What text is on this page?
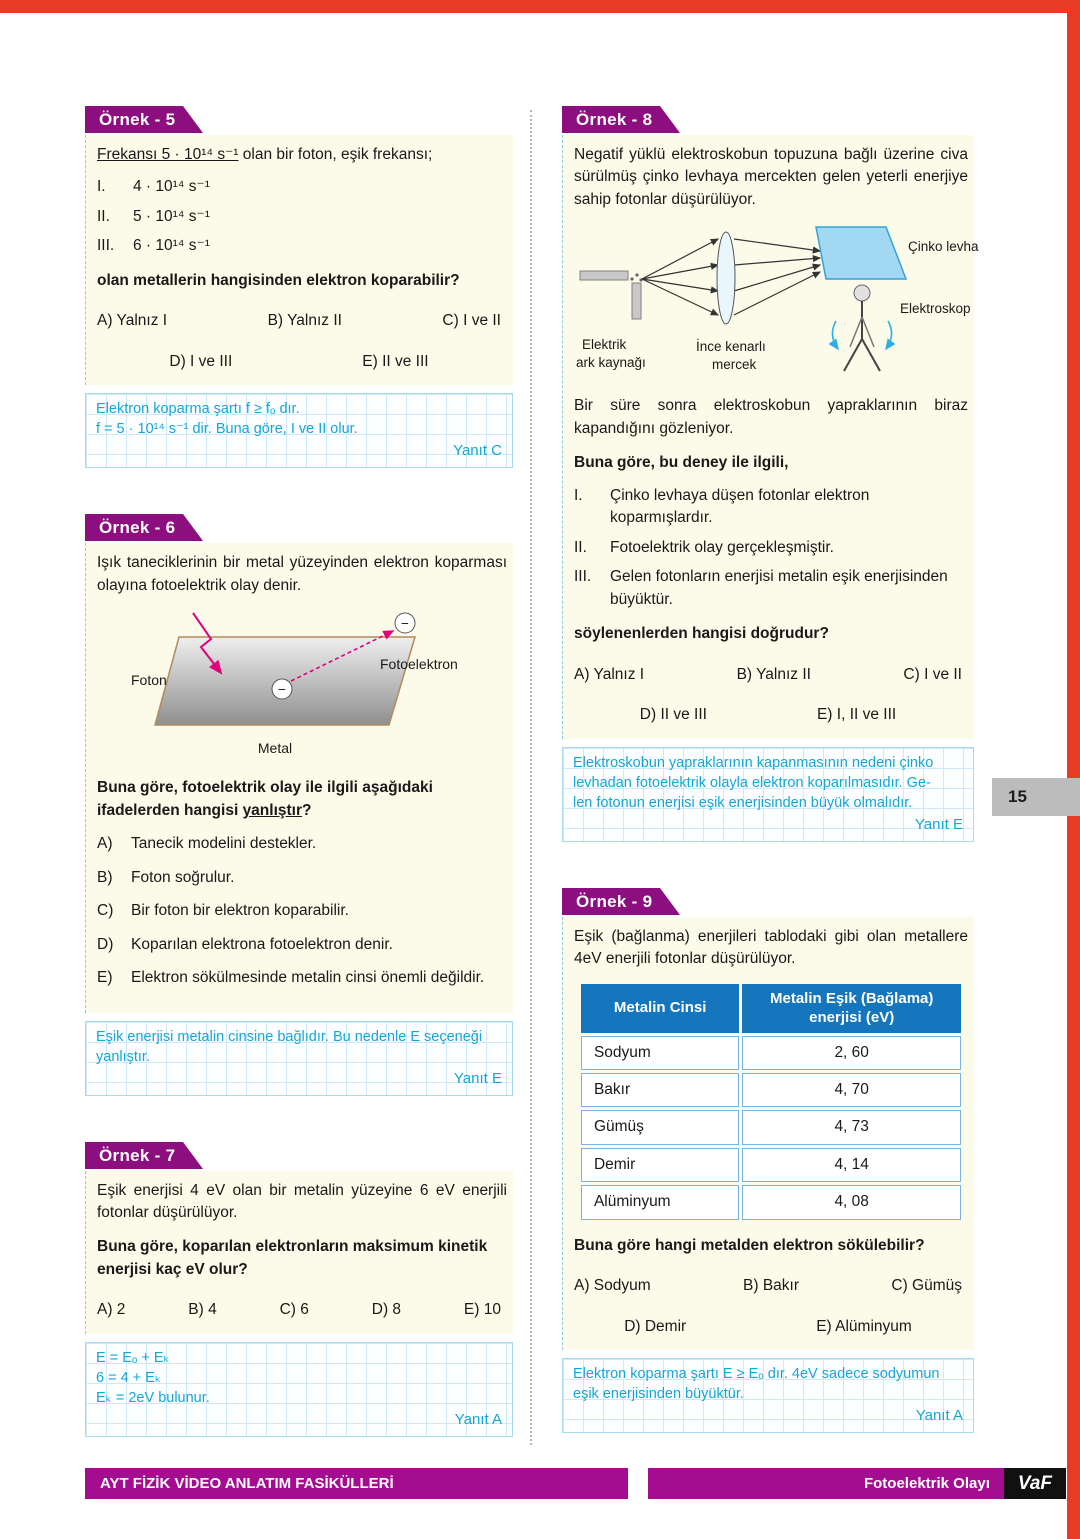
15
Örnek - 5

Frekansı 5 · 10¹⁴ s⁻¹ olan bir foton, eşik frekansı;

I.	4 · 10¹⁴ s⁻¹
II.	5 · 10¹⁴ s⁻¹
III.	6 · 10¹⁴ s⁻¹

olan metallerin hangisinden elektron koparabilir?

A) Yalnız I	B) Yalnız II	C) I ve II
D) I ve III	E) II ve III
Elektron koparma şartı f ≥ fₒ dır.
f = 5 · 10¹⁴ s⁻¹ dir. Buna göre, I ve II olur.
Yanıt C
Örnek - 6

Işık taneciklerinin bir metal yüzeyinden elektron koparması olayına fotoelektrik olay denir.

−
−
Foton
Fotoelektron
Metal

Buna göre, fotoelektrik olay ile ilgili aşağıdaki ifadelerden hangisi yanlıştır?

A)	Tanecik modelini destekler.
B)	Foton soğrulur.
C)	Bir foton bir elektron koparabilir.
D)	Koparılan elektrona fotoelektron denir.
E)	Elektron sökülmesinde metalin cinsi önemli değildir.
Eşik enerjisi metalin cinsine bağlıdır. Bu nedenle E seçeneği
yanlıştır.
Yanıt E
Örnek - 7

Eşik enerjisi 4 eV olan bir metalin yüzeyine 6 eV enerjili fotonlar düşürülüyor.

Buna göre, koparılan elektronların maksimum kinetik enerjisi kaç eV olur?

A) 2	B) 4	C) 6	D) 8	E) 10
E = Eₒ + Eₖ
6 = 4 + Eₖ
Eₖ = 2eV bulunur.
Yanıt A
Örnek - 8

Negatif yüklü elektroskobun topuzuna bağlı üzerine civa sürülmüş çinko levhaya mercekten gelen yeterli enerjiye sahip fotonlar düşürülüyor.

Elektrik
ark kaynağı
İnce kenarlı
mercek
Çinko levha
Elektroskop

Bir süre sonra elektroskobun yapraklarının biraz kapandığını gözleniyor.

Buna göre, bu deney ile ilgili,

I.	Çinko levhaya düşen fotonlar elektron koparmışlardır.
II.	Fotoelektrik olay gerçekleşmiştir.
III.	Gelen fotonların enerjisi metalin eşik enerjisinden büyüktür.

söylenenlerden hangisi doğrudur?

A) Yalnız I	B) Yalnız II	C) I ve II
D) II ve III	E) I, II ve III
Elektroskobun yapraklarının kapanmasının nedeni çinko
levhadan fotoelektrik olayla elektron koparılmasıdır. Ge-
len fotonun enerjisi eşik enerjisinden büyük olmalıdır.
Yanıt E
Örnek - 9

Eşik (bağlanma) enerjileri tablodaki gibi olan metallere 4eV enerjili fotonlar düşürülüyor.

Metalin Cinsi	Metalin Eşik (Bağlama)
enerjisi (eV)
Sodyum	2, 60
Bakır	4, 70
Gümüş	4, 73
Demir	4, 14
Alüminyum	4, 08

Buna göre hangi metalden elektron sökülebilir?

A) Sodyum	B) Bakır	C) Gümüş
D) Demir	E) Alüminyum
Elektron koparma şartı E ≥ Eₒ dır. 4eV sadece sodyumun
eşik enerjisinden büyüktür.
Yanıt A
AYT FİZİK VİDEO ANLATIM FASİKÜLLERİ	Fotoelektrik Olayı	VaF
